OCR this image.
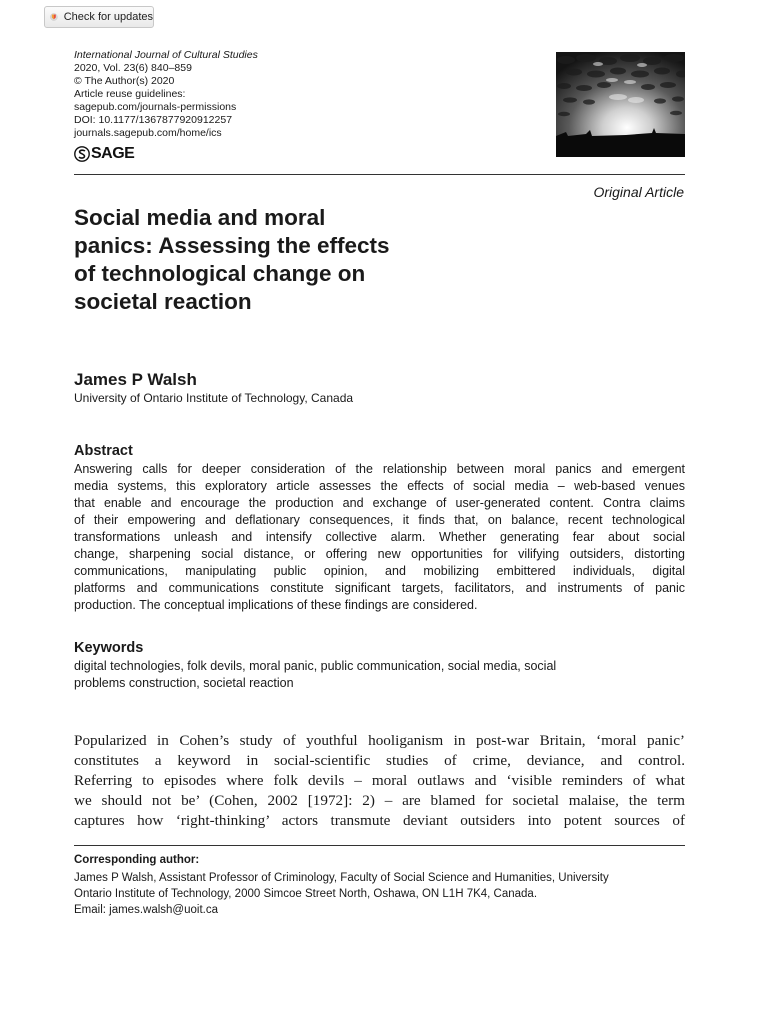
Check for updates
International Journal of Cultural Studies
2020, Vol. 23(6) 840–859
© The Author(s) 2020
Article reuse guidelines:
sagepub.com/journals-permissions
DOI: 10.1177/1367877920912257
journals.sagepub.com/home/ics
SAGE
Original Article
Social media and moral
panics: Assessing the effects
of technological change on
societal reaction
James P Walsh
University of Ontario Institute of Technology, Canada
Abstract
Answering calls for deeper consideration of the relationship between moral panics and emergent
media systems, this exploratory article assesses the effects of social media – web-based venues
that enable and encourage the production and exchange of user-generated content. Contra claims
of their empowering and deflationary consequences, it finds that, on balance, recent technological
transformations unleash and intensify collective alarm. Whether generating fear about social
change, sharpening social distance, or offering new opportunities for vilifying outsiders, distorting
communications, manipulating public opinion, and mobilizing embittered individuals, digital
platforms and communications constitute significant targets, facilitators, and instruments of panic
production. The conceptual implications of these findings are considered.
Keywords
digital technologies, folk devils, moral panic, public communication, social media, social
problems construction, societal reaction
Popularized in Cohen’s study of youthful hooliganism in post-war Britain, ‘moral panic’
constitutes a keyword in social-scientific studies of crime, deviance, and control.
Referring to episodes where folk devils – moral outlaws and ‘visible reminders of what
we should not be’ (Cohen, 2002 [1972]: 2) – are blamed for societal malaise, the term
captures how ‘right-thinking’ actors transmute deviant outsiders into potent sources of
Corresponding author:
James P Walsh, Assistant Professor of Criminology, Faculty of Social Science and Humanities, University
Ontario Institute of Technology, 2000 Simcoe Street North, Oshawa, ON L1H 7K4, Canada.
Email: james.walsh@uoit.ca
